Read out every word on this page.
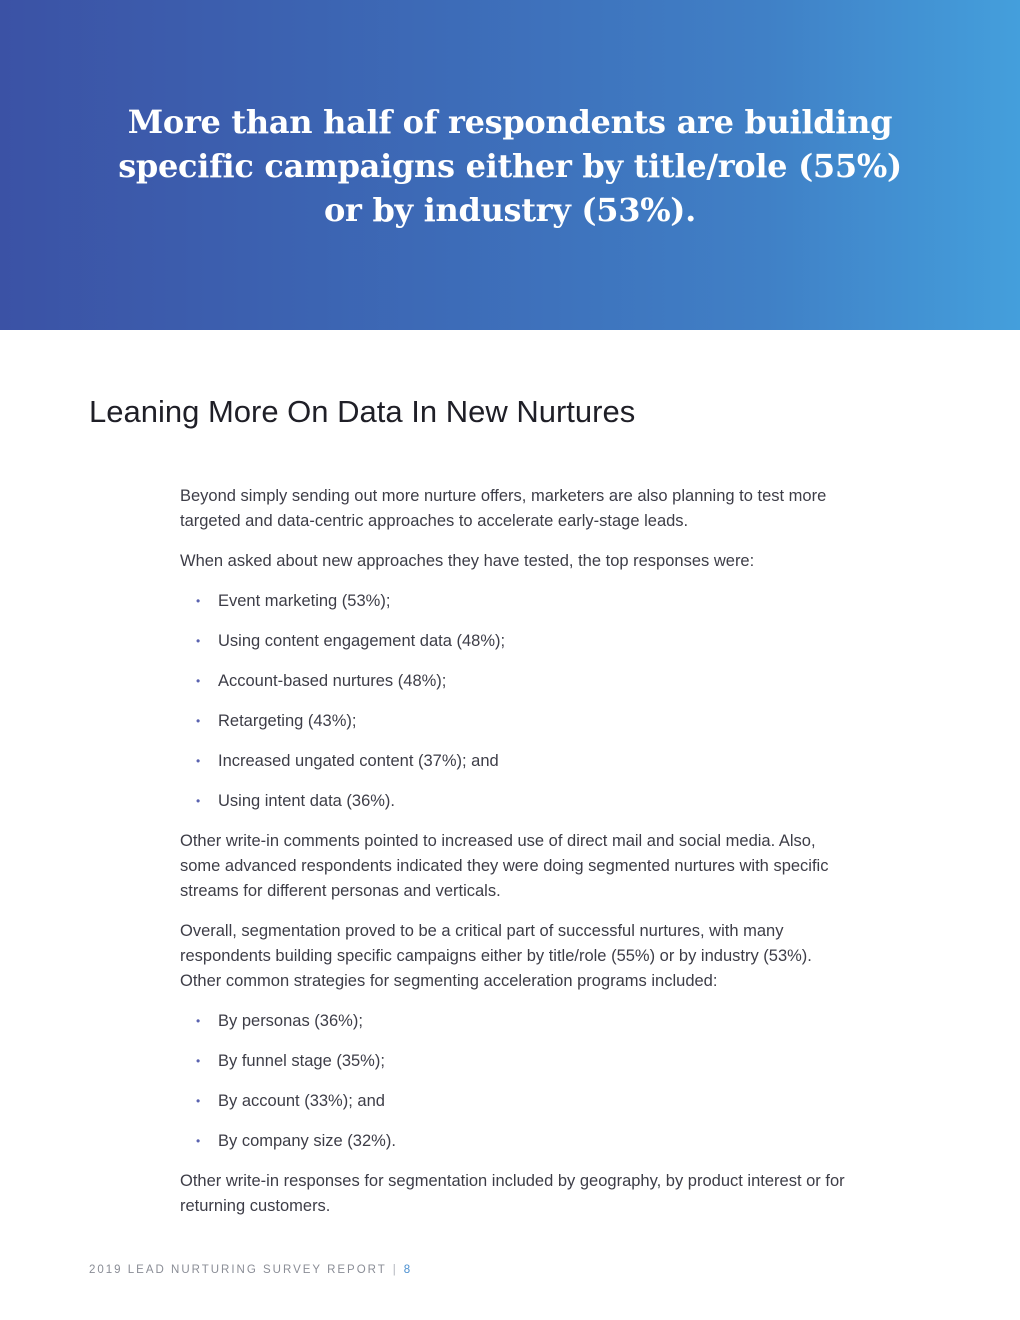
More than half of respondents are building
specific campaigns either by title/role (55%)
or by industry (53%).
Leaning More On Data In New Nurtures

Beyond simply sending out more nurture offers, marketers are also planning to test more targeted and data-centric approaches to accelerate early-stage leads.

When asked about new approaches they have tested, the top responses were:

• Event marketing (53%);
• Using content engagement data (48%);
• Account-based nurtures (48%);
• Retargeting (43%);
• Increased ungated content (37%); and
• Using intent data (36%).

Other write-in comments pointed to increased use of direct mail and social media. Also, some advanced respondents indicated they were doing segmented nurtures with specific streams for different personas and verticals.

Overall, segmentation proved to be a critical part of successful nurtures, with many respondents building specific campaigns either by title/role (55%) or by industry (53%). Other common strategies for segmenting acceleration programs included:

• By personas (36%);
• By funnel stage (35%);
• By account (33%); and
• By company size (32%).

Other write-in responses for segmentation included by geography, by product interest or for returning customers.

2019 LEAD NURTURING SURVEY REPORT | 8
